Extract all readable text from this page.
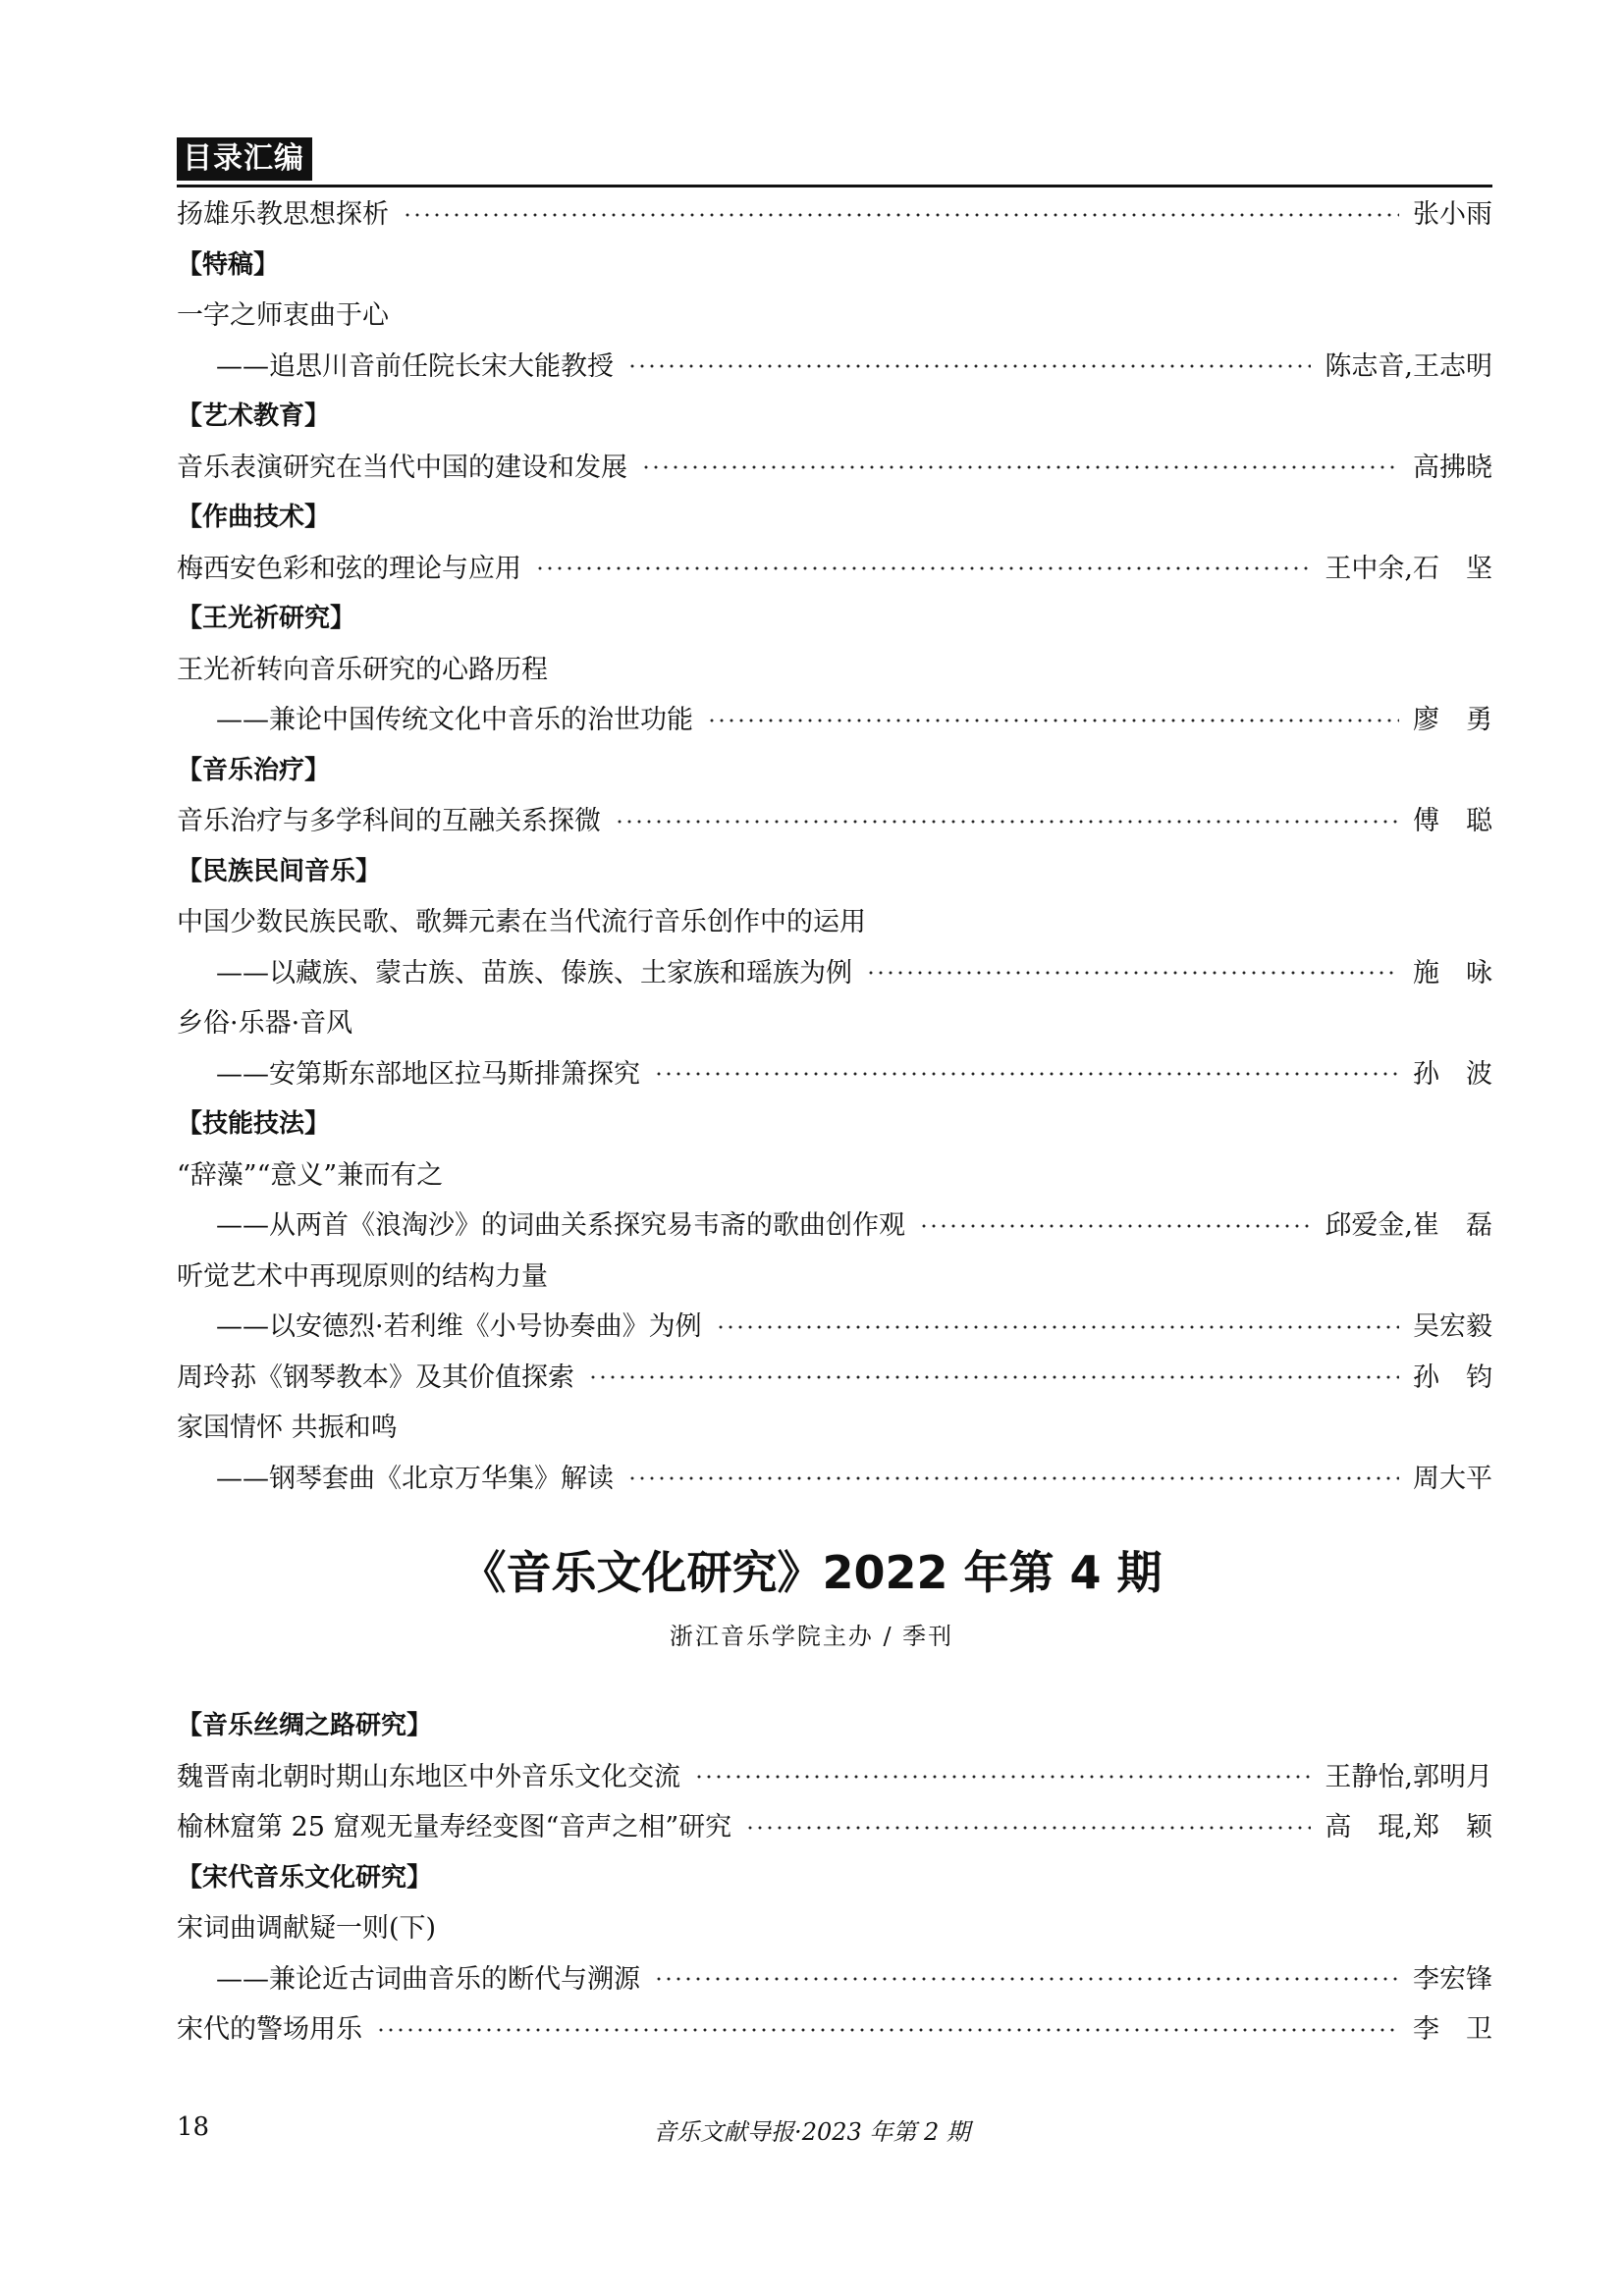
目录汇编
扬雄乐教思想探析	张小雨
【特稿】
一字之师衷曲于心
——追思川音前任院长宋大能教授	陈志音,王志明
【艺术教育】
音乐表演研究在当代中国的建设和发展	高拂晓
【作曲技术】
梅西安色彩和弦的理论与应用	王中余,石　坚
【王光祈研究】
王光祈转向音乐研究的心路历程
——兼论中国传统文化中音乐的治世功能	廖　勇
【音乐治疗】
音乐治疗与多学科间的互融关系探微	傅　聪
【民族民间音乐】
中国少数民族民歌、歌舞元素在当代流行音乐创作中的运用
——以藏族、蒙古族、苗族、傣族、土家族和瑶族为例	施　咏
乡俗·乐器·音风
——安第斯东部地区拉马斯排箫探究	孙　波
【技能技法】
“辞藻”“意义”兼而有之
——从两首《浪淘沙》的词曲关系探究易韦斋的歌曲创作观	邱爱金,崔　磊
听觉艺术中再现原则的结构力量
——以安德烈·若利维《小号协奏曲》为例	吴宏毅
周玲荪《钢琴教本》及其价值探索	孙　钧
家国情怀 共振和鸣
——钢琴套曲《北京万华集》解读	周大平
《音乐文化研究》2022 年第 4 期
浙江音乐学院主办 / 季刊
【音乐丝绸之路研究】
魏晋南北朝时期山东地区中外音乐文化交流	王静怡,郭明月
榆林窟第 25 窟观无量寿经变图“音声之相”研究	高　琨,郑　颖
【宋代音乐文化研究】
宋词曲调献疑一则(下)
——兼论近古词曲音乐的断代与溯源	李宏锋
宋代的警场用乐	李　卫
18	音乐文献导报·2023 年第 2 期
